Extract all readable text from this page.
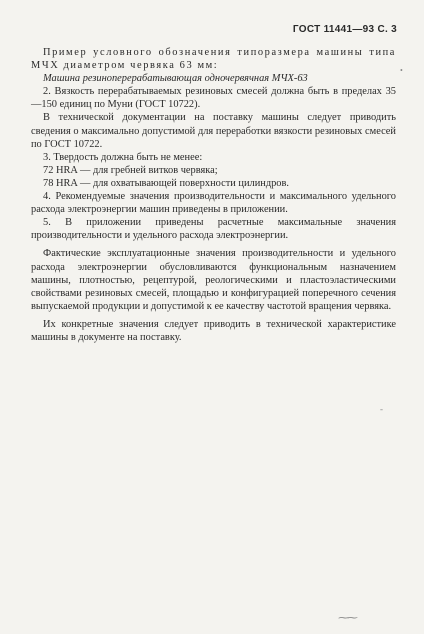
ГОСТ 11441—93 С. 3

Пример условного обозначения типоразмера машины типа МЧХ диаметром червяка 63 мм:

Машина резиноперерабатывающая одночервячная МЧХ-63

2. Вязкость перерабатываемых резиновых смесей должна быть в пределах 35—150 единиц по Муни (ГОСТ 10722).

В технической документации на поставку машины следует приводить сведения о максимально допустимой для переработки вязкости резиновых смесей по ГОСТ 10722.

3. Твердость должна быть не менее:

72 HRA — для гребней витков червяка;

78 HRA — для охватывающей поверхности цилиндров.

4. Рекомендуемые значения производительности и максимального удельного расхода электроэнергии машин приведены в приложении.

5. В приложении приведены расчетные максимальные значения производительности и удельного расхода электроэнергии.

Фактические эксплуатационные значения производительности и удельного расхода электроэнергии обусловливаются функциональным назначением машины, плотностью, рецептурой, реологическими и пластоэластическими свойствами резиновых смесей, площадью и конфигурацией поперечного сечения выпускаемой продукции и допустимой к ее качеству частотой вращения червяка.

Их конкретные значения следует приводить в технической характеристике машины в документе на поставку.

•
-
⁓⁓
